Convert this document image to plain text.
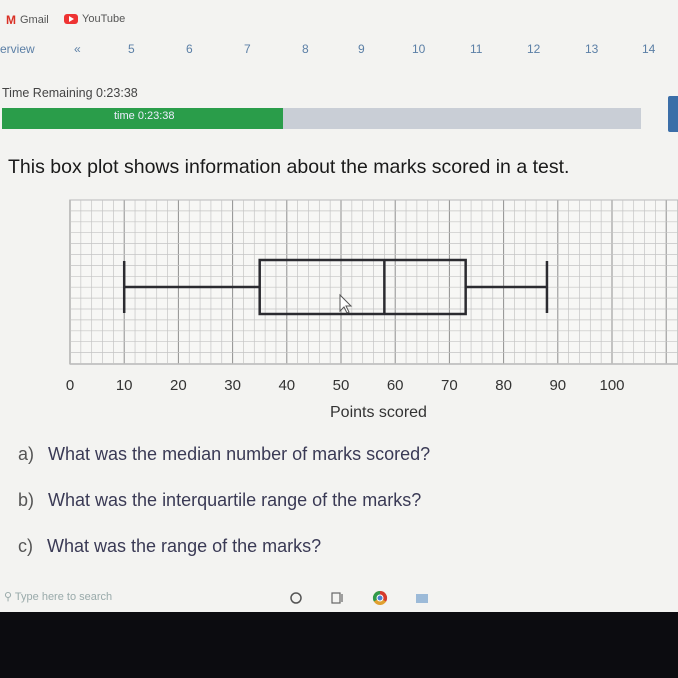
M Gmail	YouTube
erview	«	5	6	7	8	9	10	11	12	13	14
Time Remaining 0:23:38
time 0:23:38
This box plot shows information about the marks scored in a test.
0	10	20	30	40	50	60	70	80	90 100
Points scored
a) What was the median number of marks scored?
b) What was the interquartile range of the marks?
c) What was the range of the marks?
⚲ Type here to search
